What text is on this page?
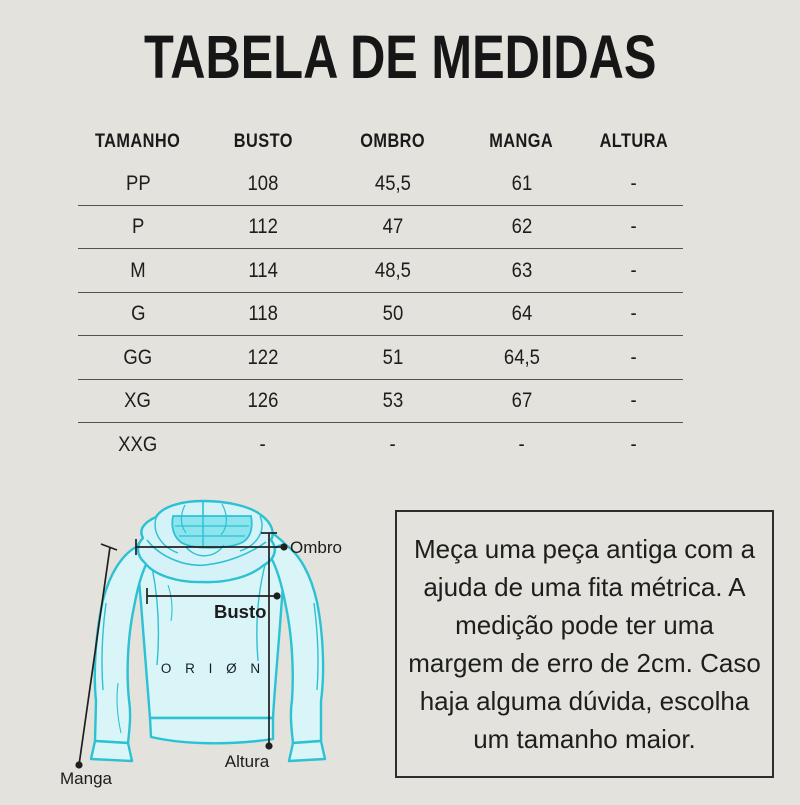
TABELA DE MEDIDAS
TAMANHO	BUSTO	OMBRO	MANGA	ALTURA
PP	108	45,5	61	-
P	112	47	62	-
M	114	48,5	63	-
G	118	50	64	-
GG	122	51	64,5	-
XG	126	53	67	-
XXG	-	-	-	-
O R I Ø N
Ombro
Busto
Altura
Manga

Meça uma peça antiga com a ajuda de uma fita métrica. A medição pode ter uma margem de erro de 2cm. Caso haja alguma dúvida, escolha um tamanho maior.
